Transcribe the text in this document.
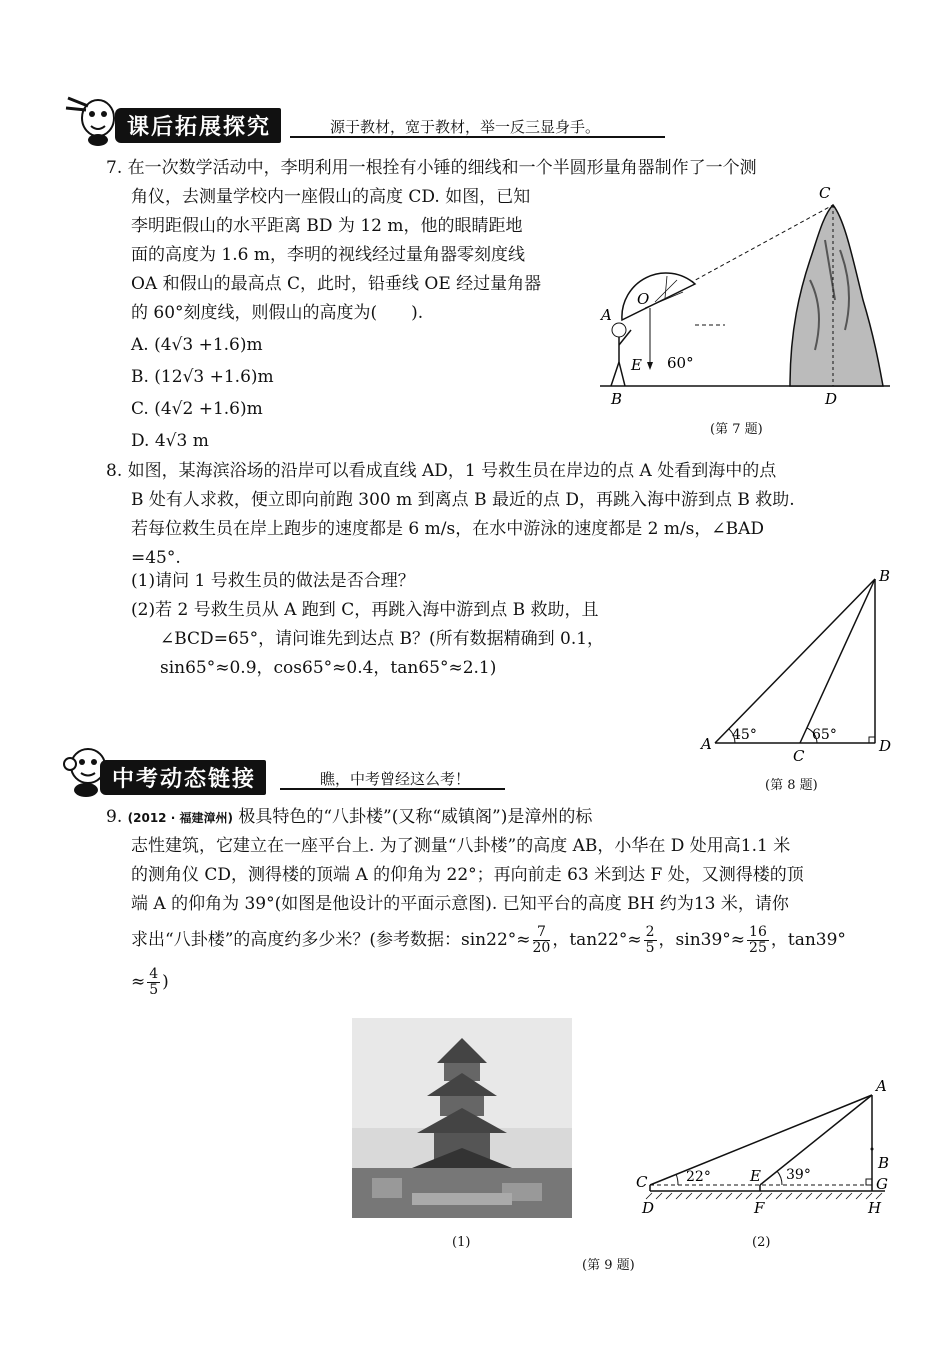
课后拓展探究	源于教材，宽于教材，举一反三显身手。
7. 在一次数学活动中，李明利用一根拴有小锤的细线和一个半圆形量角器制作了一个测
角仪，去测量学校内一座假山的高度 CD. 如图，已知
李明距假山的水平距离 BD 为 12 m，他的眼睛距地
面的高度为 1.6 m，李明的视线经过量角器零刻度线
OA 和假山的最高点 C，此时，铅垂线 OE 经过量角器
的 60°刻度线，则假山的高度为(　　).
A. (4√3 +1.6)m
B. (12√3 +1.6)m
C. (4√2 +1.6)m
D. 4√3 m
C
O
A
E 60°
B	D
(第 7 题)
8. 如图，某海滨浴场的沿岸可以看成直线 AD，1 号救生员在岸边的点 A 处看到海中的点
B 处有人求救，便立即向前跑 300 m 到离点 B 最近的点 D，再跳入海中游到点 B 救助.
若每位救生员在岸上跑步的速度都是 6 m/s，在水中游泳的速度都是 2 m/s，∠BAD
=45°.
(1)请问 1 号救生员的做法是否合理？
(2)若 2 号救生员从 A 跑到 C，再跳入海中游到点 B 救助，且
∠BCD=65°，请问谁先到达点 B？(所有数据精确到 0.1，
sin65°≈0.9，cos65°≈0.4，tan65°≈2.1)
B
A
C
D
45°	65°
(第 8 题)
中考动态链接	瞧，中考曾经这么考！
9. (2012 · 福建漳州) 极具特色的“八卦楼”(又称“威镇阁”)是漳州的标
志性建筑，它建立在一座平台上. 为了测量“八卦楼”的高度 AB，小华在 D 处用高1.1 米
的测角仪 CD，测得楼的顶端 A 的仰角为 22°；再向前走 63 米到达 F 处，又测得楼的顶
端 A 的仰角为 39°(如图是他设计的平面示意图). 已知平台的高度 BH 约为13 米，请你
求出“八卦楼”的高度约多少米？(参考数据：$\sin 22^\circ\approx \frac{7}{20}$ ，$\tan 22^\circ\approx \frac{2}{5}$ ，$\sin 39^\circ\approx \frac{16}{25}$ ，tan39°
≈ $\frac{4}{5}$ )
(1)
A
B
C
D
E
F
G
H
22°	39°
(2)
(第 9 题)
